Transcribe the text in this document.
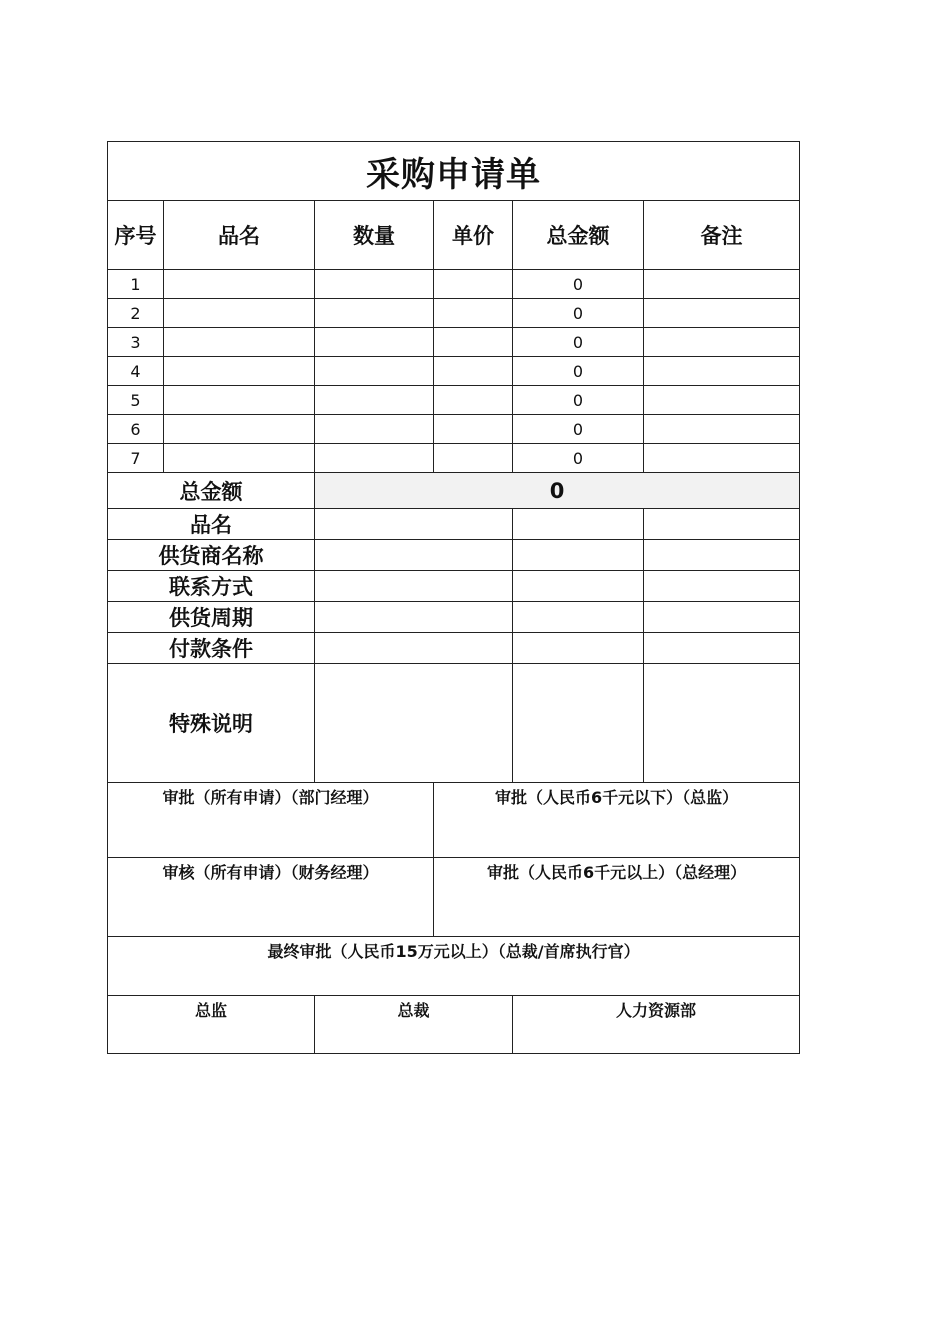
采购申请单					
序号	品名	数量	单价	总金额	备注
1				0	
2				0	
3				0	
4				0	
5				0	
6				0	
7				0	
总金额		0			
品名					
供货商名称					
联系方式					
供货周期					
付款条件					
特殊说明					
审批（所有申请）（部门经理）			审批（人民币6千元以下）（总监）		
审核（所有申请）（财务经理）			审批（人民币6千元以上）（总经理）		
最终审批（人民币15万元以上）（总裁/首席执行官）					
总监		总裁		人力资源部	
